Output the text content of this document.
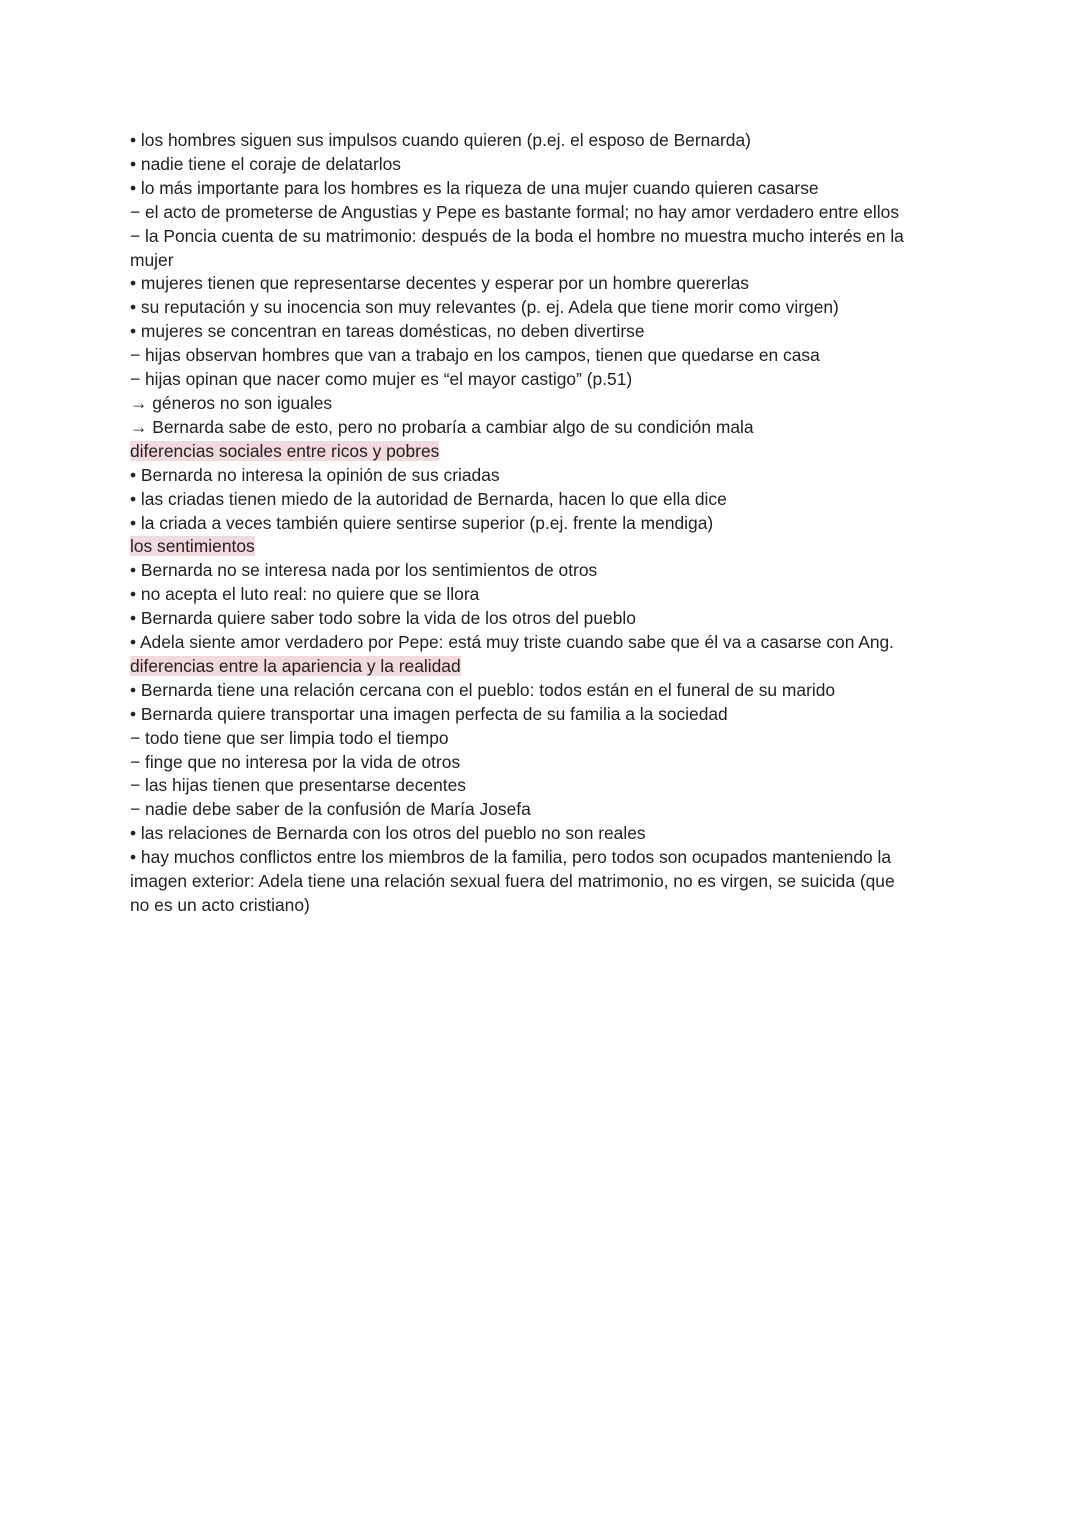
• los hombres siguen sus impulsos cuando quieren (p.ej. el esposo de Bernarda)
• nadie tiene el coraje de delatarlos
• lo más importante para los hombres es la riqueza de una mujer cuando quieren casarse
− el acto de prometerse de Angustias y Pepe es bastante formal; no hay amor verdadero entre ellos
− la Poncia cuenta de su matrimonio: después de la boda el hombre no muestra mucho interés en la
mujer
• mujeres tienen que representarse decentes y esperar por un hombre quererlas
• su reputación y su inocencia son muy relevantes (p. ej. Adela que tiene morir como virgen)
• mujeres se concentran en tareas domésticas, no deben divertirse
− hijas observan hombres que van a trabajo en los campos, tienen que quedarse en casa
− hijas opinan que nacer como mujer es “el mayor castigo” (p.51)
→ géneros no son iguales
→ Bernarda sabe de esto, pero no probaría a cambiar algo de su condición mala
diferencias sociales entre ricos y pobres
• Bernarda no interesa la opinión de sus criadas
• las criadas tienen miedo de la autoridad de Bernarda, hacen lo que ella dice
• la criada a veces también quiere sentirse superior (p.ej. frente la mendiga)
los sentimientos
• Bernarda no se interesa nada por los sentimientos de otros
• no acepta el luto real: no quiere que se llora
• Bernarda quiere saber todo sobre la vida de los otros del pueblo
• Adela siente amor verdadero por Pepe: está muy triste cuando sabe que él va a casarse con Ang.
diferencias entre la apariencia y la realidad
• Bernarda tiene una relación cercana con el pueblo: todos están en el funeral de su marido
• Bernarda quiere transportar una imagen perfecta de su familia a la sociedad
− todo tiene que ser limpia todo el tiempo
− finge que no interesa por la vida de otros
− las hijas tienen que presentarse decentes
− nadie debe saber de la confusión de María Josefa
• las relaciones de Bernarda con los otros del pueblo no son reales
• hay muchos conflictos entre los miembros de la familia, pero todos son ocupados manteniendo la
imagen exterior: Adela tiene una relación sexual fuera del matrimonio, no es virgen, se suicida (que
no es un acto cristiano)
